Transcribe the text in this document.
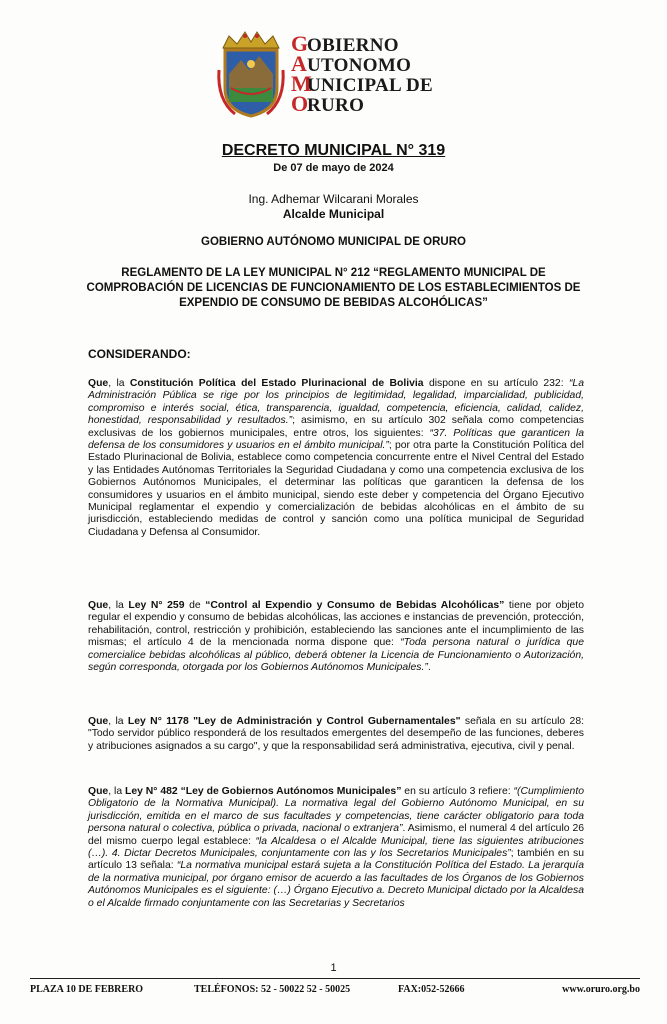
G
A
M
O
OBIERNO
UTONOMO
UNICIPAL DE
RURO
DECRETO MUNICIPAL N° 319
De 07 de mayo de 2024
Ing. Adhemar Wilcarani Morales
Alcalde Municipal
GOBIERNO AUTÓNOMO MUNICIPAL DE ORURO
REGLAMENTO DE LA LEY MUNICIPAL N° 212 “REGLAMENTO MUNICIPAL DE COMPROBACIÓN DE LICENCIAS DE FUNCIONAMIENTO DE LOS ESTABLECIMIENTOS DE EXPENDIO DE CONSUMO DE BEBIDAS ALCOHÓLICAS”
CONSIDERANDO:

Que, la Constitución Política del Estado Plurinacional de Bolivia dispone en su artículo 232: “La Administración Pública se rige por los principios de legitimidad, legalidad, imparcialidad, publicidad, compromiso e interés social, ética, transparencia, igualdad, competencia, eficiencia, calidad, calidez, honestidad, responsabilidad y resultados.”; asimismo, en su artículo 302 señala como competencias exclusivas de los gobiernos municipales, entre otros, los siguientes: “37. Políticas que garanticen la defensa de los consumidores y usuarios en el ámbito municipal.”; por otra parte la Constitución Política del Estado Plurinacional de Bolivia, establece como competencia concurrente entre el Nivel Central del Estado y las Entidades Autónomas Territoriales la Seguridad Ciudadana y como una competencia exclusiva de los Gobiernos Autónomos Municipales, el determinar las políticas que garanticen la defensa de los consumidores y usuarios en el ámbito municipal, siendo este deber y competencia del Órgano Ejecutivo Municipal reglamentar el expendio y comercialización de bebidas alcohólicas en el ámbito de su jurisdicción, estableciendo medidas de control y sanción como una política municipal de Seguridad Ciudadana y Defensa al Consumidor.

Que, la Ley N° 259 de “Control al Expendio y Consumo de Bebidas Alcohólicas” tiene por objeto regular el expendio y consumo de bebidas alcohólicas, las acciones e instancias de prevención, protección, rehabilitación, control, restricción y prohibición, estableciendo las sanciones ante el incumplimiento de las mismas; el artículo 4 de la mencionada norma dispone que: “Toda persona natural o jurídica que comercialice bebidas alcohólicas al público, deberá obtener la Licencia de Funcionamiento o Autorización, según corresponda, otorgada por los Gobiernos Autónomos Municipales.”.

Que, la Ley N° 1178 "Ley de Administración y Control Gubernamentales" señala en su artículo 28: "Todo servidor público responderá de los resultados emergentes del desempeño de las funciones, deberes y atribuciones asignados a su cargo", y que la responsabilidad será administrativa, ejecutiva, civil y penal.

Que, la Ley N° 482 “Ley de Gobiernos Autónomos Municipales” en su artículo 3 refiere: “(Cumplimiento Obligatorio de la Normativa Municipal). La normativa legal del Gobierno Autónomo Municipal, en su jurisdicción, emitida en el marco de sus facultades y competencias, tiene carácter obligatorio para toda persona natural o colectiva, pública o privada, nacional o extranjera”. Asimismo, el numeral 4 del artículo 26 del mismo cuerpo legal establece: “la Alcaldesa o el Alcalde Municipal, tiene las siguientes atribuciones (…). 4. Dictar Decretos Municipales, conjuntamente con las y los Secretarios Municipales”; también en su artículo 13 señala: “La normativa municipal estará sujeta a la Constitución Política del Estado. La jerarquía de la normativa municipal, por órgano emisor de acuerdo a las facultades de los Órganos de los Gobiernos Autónomos Municipales es el siguiente: (…) Órgano Ejecutivo a. Decreto Municipal dictado por la Alcaldesa o el Alcalde firmado conjuntamente con las Secretarias y Secretarios

1
PLAZA 10 DE FEBRERO	TELÉFONOS: 52 - 50022 52 - 50025	FAX:052-52666	www.oruro.org.bo
